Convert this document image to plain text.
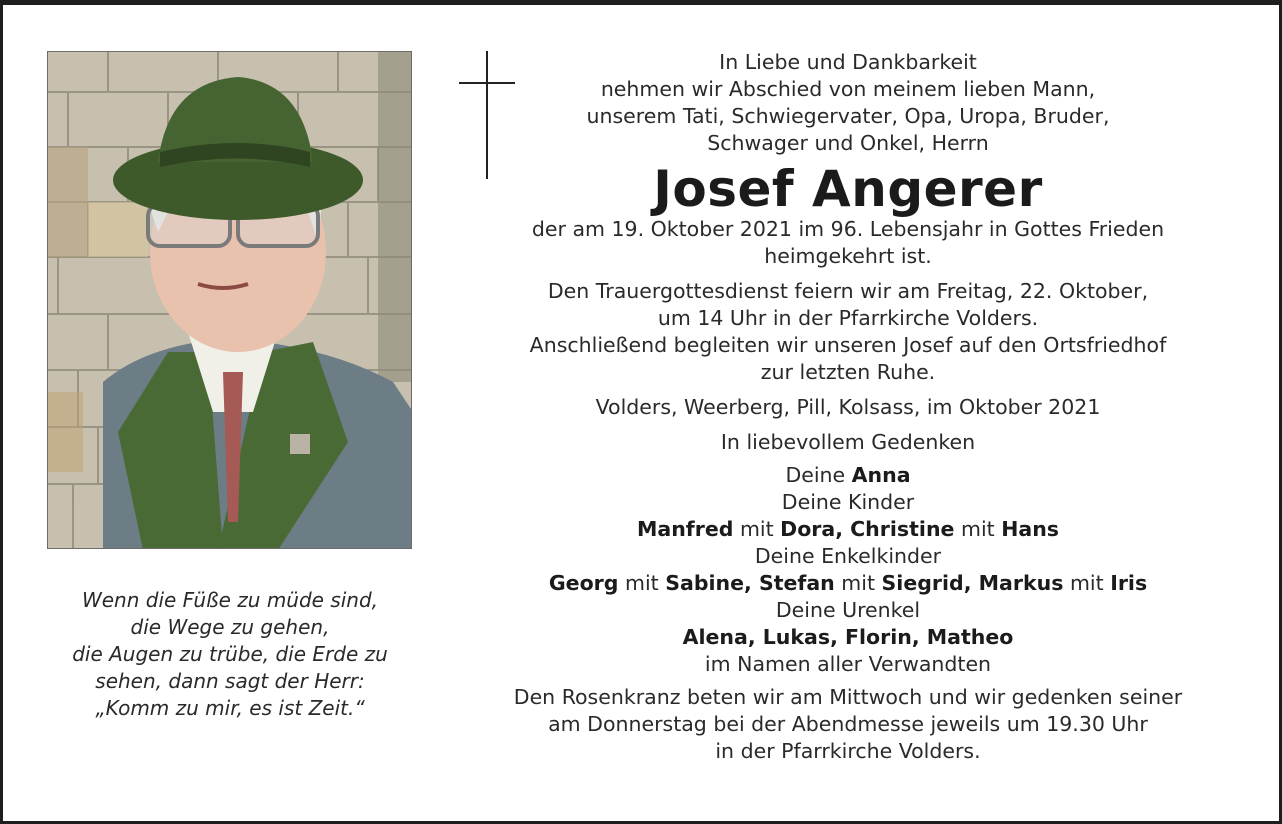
Wenn die Füße zu müde sind,
die Wege zu gehen,
die Augen zu trübe, die Erde zu
sehen, dann sagt der Herr:
„Komm zu mir, es ist Zeit.“
In Liebe und Dankbarkeit
nehmen wir Abschied von meinem lieben Mann,
unserem Tati, Schwiegervater, Opa, Uropa, Bruder,
Schwager und Onkel, Herrn
Josef Angerer
der am 19. Oktober 2021 im 96. Lebensjahr in Gottes Frieden
heimgekehrt ist.
Den Trauergottesdienst feiern wir am Freitag, 22. Oktober,
um 14 Uhr in der Pfarrkirche Volders.
Anschließend begleiten wir unseren Josef auf den Ortsfriedhof
zur letzten Ruhe.
Volders, Weerberg, Pill, Kolsass, im Oktober 2021
In liebevollem Gedenken
Deine Anna
Deine Kinder
Manfred mit Dora, Christine mit Hans
Deine Enkelkinder
Georg mit Sabine, Stefan mit Siegrid, Markus mit Iris
Deine Urenkel
Alena, Lukas, Florin, Matheo
im Namen aller Verwandten
Den Rosenkranz beten wir am Mittwoch und wir gedenken seiner
am Donnerstag bei der Abendmesse jeweils um 19.30 Uhr
in der Pfarrkirche Volders.
